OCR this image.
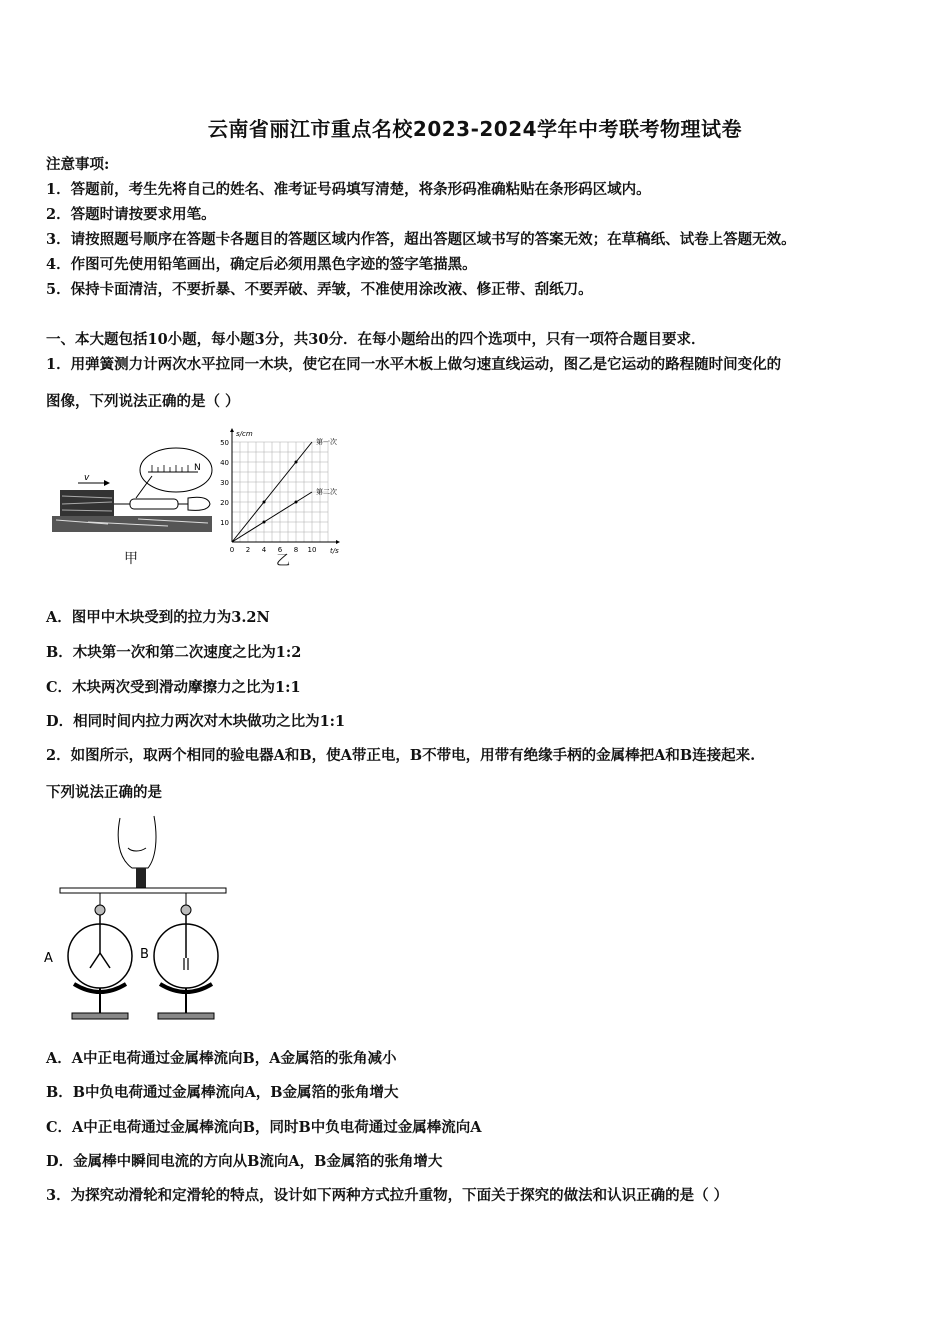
云南省丽江市重点名校2023-2024学年中考联考物理试卷
注意事项:
1．答题前，考生先将自己的姓名、准考证号码填写清楚，将条形码准确粘贴在条形码区域内。
2．答题时请按要求用笔。
3．请按照题号顺序在答题卡各题目的答题区域内作答，超出答题区域书写的答案无效；在草稿纸、试卷上答题无效。
4．作图可先使用铅笔画出，确定后必须用黑色字迹的签字笔描黑。
5．保持卡面清洁，不要折暴、不要弄破、弄皱，不准使用涂改液、修正带、刮纸刀。
一、本大题包括10小题，每小题3分，共30分．在每小题给出的四个选项中，只有一项符合题目要求．
1．用弹簧测力计两次水平拉同一木块，使它在同一水平木板上做匀速直线运动，图乙是它运动的路程随时间变化的
图像，下列说法正确的是（ ）
v
N
甲
10
20
30
40
50
0 2 4 6 8 10
s/cm
t/s
第一次
第二次
乙
A．图甲中木块受到的拉力为3.2N
B．木块第一次和第二次速度之比为1:2
C．木块两次受到滑动摩擦力之比为1:1
D．相同时间内拉力两次对木块做功之比为1:1
2．如图所示，取两个相同的验电器A和B，使A带正电，B不带电，用带有绝缘手柄的金属棒把A和B连接起来.
下列说法正确的是
A	B
A．A中正电荷通过金属棒流向B，A金属箔的张角减小
B．B中负电荷通过金属棒流向A，B金属箔的张角增大
C．A中正电荷通过金属棒流向B，同时B中负电荷通过金属棒流向A
D．金属棒中瞬间电流的方向从B流向A，B金属箔的张角增大
3．为探究动滑轮和定滑轮的特点，设计如下两种方式拉升重物，下面关于探究的做法和认识正确的是（ ）
